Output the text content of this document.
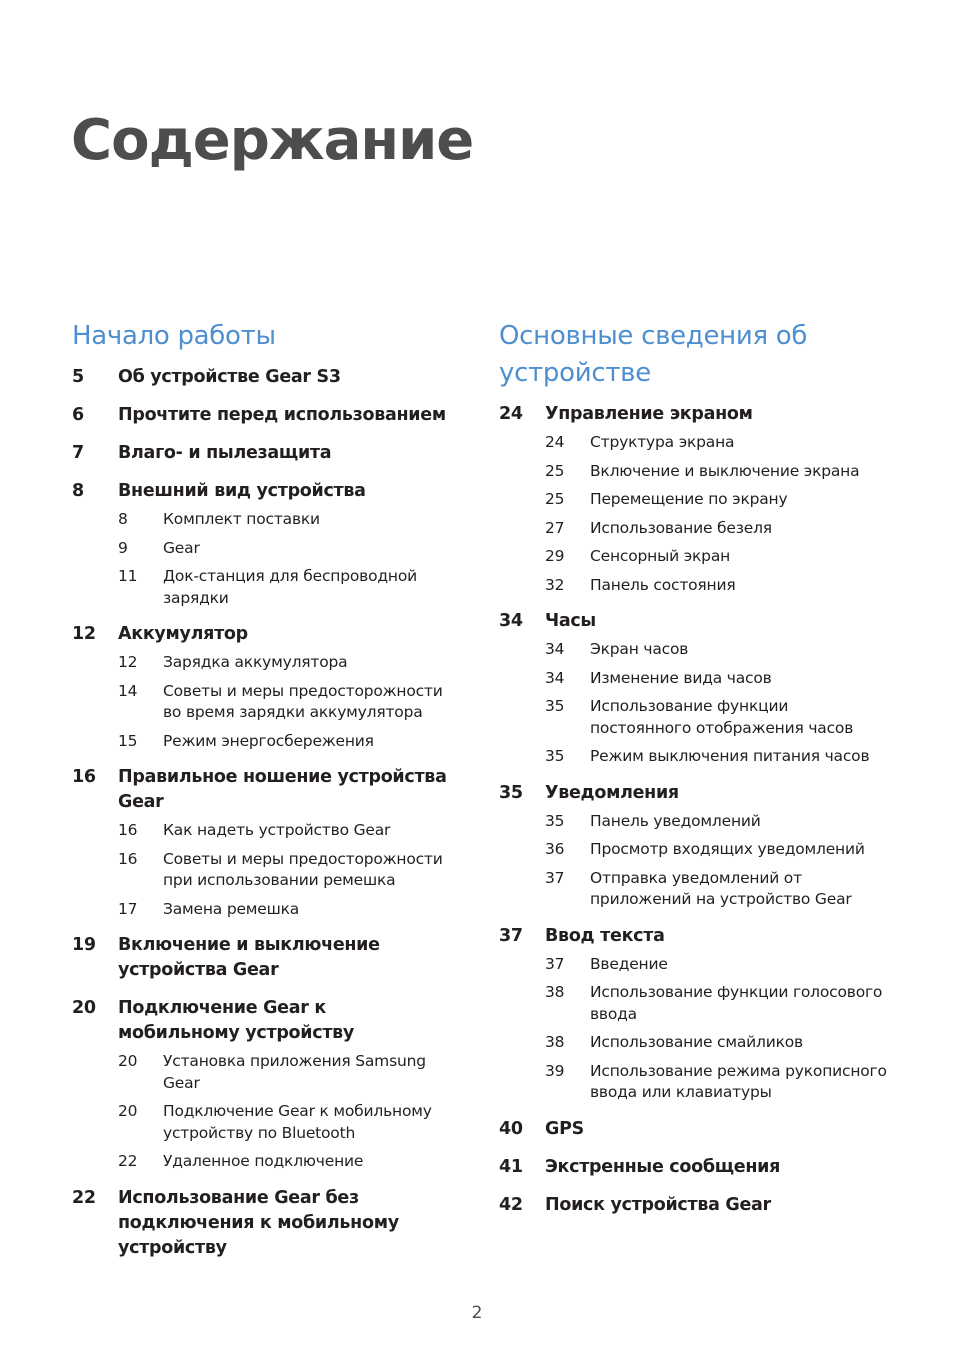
Содержание
Начало работы
5	Об устройстве Gear S3
6	Прочтите перед использованием
7	Влаго- и пылезащита
8	Внешний вид устройства
8	Комплект поставки
9	Gear
11	Док-станция для беспроводной зарядки
12	Аккумулятор
12	Зарядка аккумулятора
14	Советы и меры предосторожности во время зарядки аккумулятора
15	Режим энергосбережения
16	Правильное ношение устройства Gear
16	Как надеть устройство Gear
16	Советы и меры предосторожности при использовании ремешка
17	Замена ремешка
19	Включение и выключение устройства Gear
20	Подключение Gear к мобильному устройству
20	Установка приложения Samsung Gear
20	Подключение Gear к мобильному устройству по Bluetooth
22	Удаленное подключение
22	Использование Gear без подключения к мобильному устройству
Основные сведения об устройстве
24	Управление экраном
24	Структура экрана
25	Включение и выключение экрана
25	Перемещение по экрану
27	Использование безеля
29	Сенсорный экран
32	Панель состояния
34	Часы
34	Экран часов
34	Изменение вида часов
35	Использование функции постоянного отображения часов
35	Режим выключения питания часов
35	Уведомления
35	Панель уведомлений
36	Просмотр входящих уведомлений
37	Отправка уведомлений от приложений на устройство Gear
37	Ввод текста
37	Введение
38	Использование функции голосового ввода
38	Использование смайликов
39	Использование режима рукописного ввода или клавиатуры
40	GPS
41	Экстренные сообщения
42	Поиск устройства Gear
2
